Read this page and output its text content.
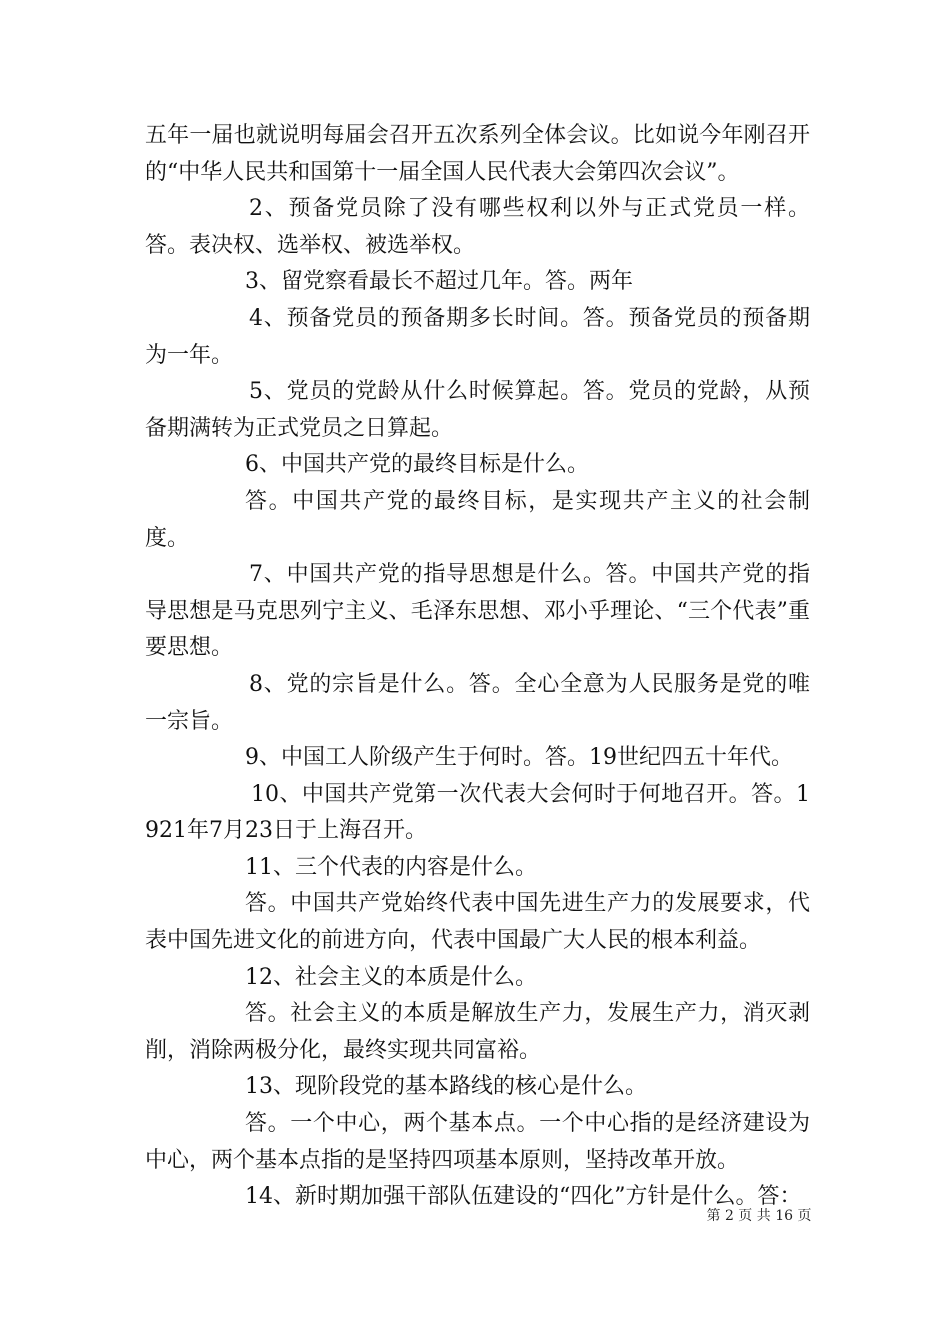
五年一届也就说明每届会召开五次系列全体会议。比如说今年刚召开的“中华人民共和国第十一届全国人民代表大会第四次会议”。

2、预备党员除了没有哪些权利以外与正式党员一样。答。表决权、选举权、被选举权。

3、留党察看最长不超过几年。答。两年

4、预备党员的预备期多长时间。答。预备党员的预备期为一年。

5、党员的党龄从什么时候算起。答。党员的党龄，从预备期满转为正式党员之日算起。

6、中国共产党的最终目标是什么。

答。中国共产党的最终目标，是实现共产主义的社会制度。

7、中国共产党的指导思想是什么。答。中国共产党的指导思想是马克思列宁主义、毛泽东思想、邓小乎理论、“三个代表”重要思想。

8、党的宗旨是什么。答。全心全意为人民服务是党的唯一宗旨。

9、中国工人阶级产生于何时。答。19世纪四五十年代。

10、中国共产党第一次代表大会何时于何地召开。答。1921年7月23日于上海召开。

11、三个代表的内容是什么。

答。中国共产党始终代表中国先进生产力的发展要求，代表中国先进文化的前进方向，代表中国最广大人民的根本利益。

12、社会主义的本质是什么。

答。社会主义的本质是解放生产力，发展生产力，消灭剥削，消除两极分化，最终实现共同富裕。

13、现阶段党的基本路线的核心是什么。

答。一个中心，两个基本点。一个中心指的是经济建设为中心，两个基本点指的是坚持四项基本原则，坚持改革开放。

14、新时期加强干部队伍建设的“四化”方针是什么。答：

第 2 页 共 16 页
